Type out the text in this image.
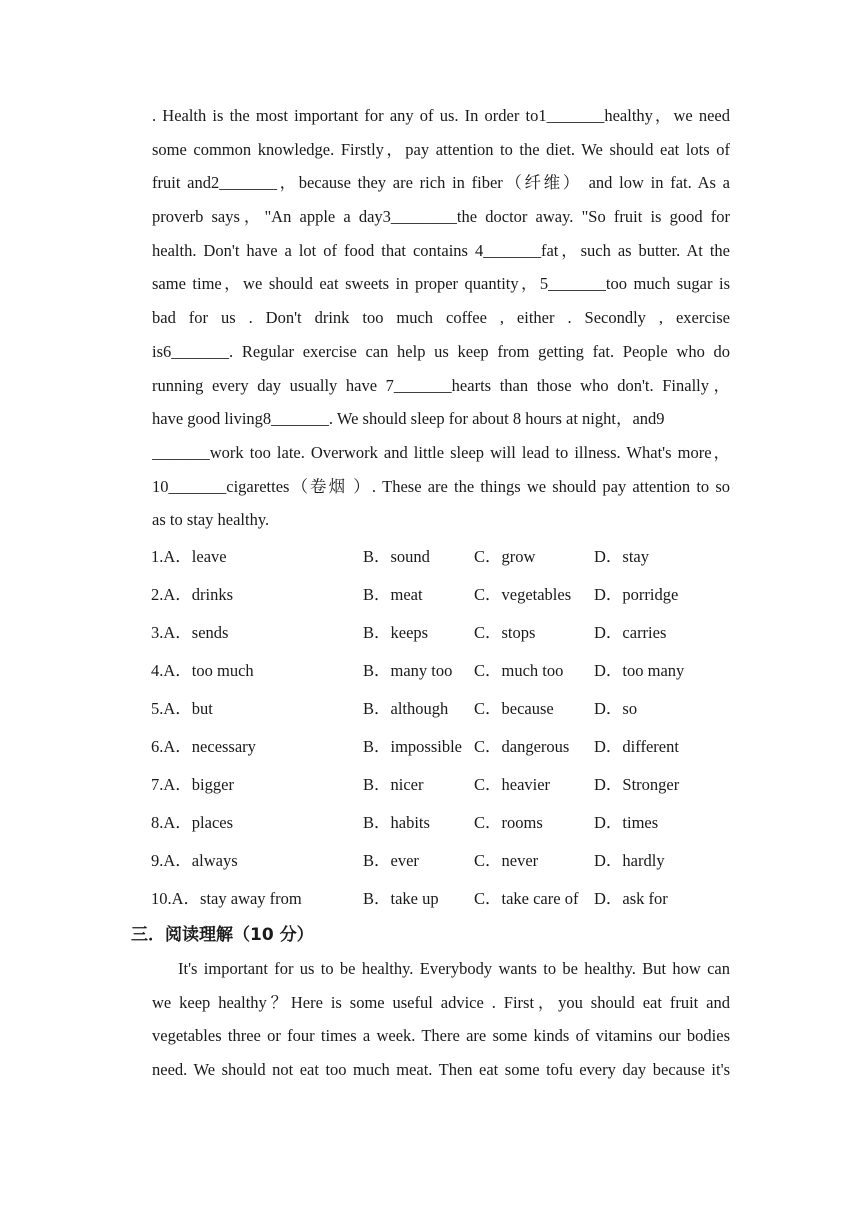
. Health is the most important for any of us. In order to1_______healthy，we need
some common knowledge. Firstly，pay attention to the diet. We should eat lots of
fruit and2_______，because they are rich in fiber（纤维） and low in fat. As a
proverb says，"An apple a day3________the doctor away. "So fruit is good for
health. Don't have a lot of food that contains 4_______fat，such as butter. At the
same time，we should eat sweets in proper quantity，5_______too much sugar is
bad for us . Don't drink too much coffee , either . Secondly , exercise
is6_______. Regular exercise can help us keep from getting fat. People who do
running every day usually have 7_______hearts than those who don't. Finally，
have good living8_______. We should sleep for about 8 hours at night，and9
_______work too late. Overwork and little sleep will lead to illness. What's more，
10_______cigarettes（卷烟 ）. These are the things we should pay attention to so
as to stay healthy.
1.A．leave	B．sound	C．grow	D．stay
2.A．drinks	B．meat	C．vegetables D．porridge
3.A．sends	B．keeps	C．stops	D．carries
4.A．too much	B．many too C．much too D．too many
5.A．but	B．although C．because D．so
6.A．necessary	B．impossible C．dangerous D．different
7.A．bigger	B．nicer	C．heavier	D．Stronger
8.A．places	B．habits	C．rooms	D．times
9.A．always	B．ever	C．never	D．hardly
10.A．stay away from	B．take up C．take care of D．ask for
三．阅读理解（10 分）
It's important for us to be healthy. Everybody wants to be healthy. But how can
we keep healthy？Here is some useful advice . First，you should eat fruit and
vegetables three or four times a week. There are some kinds of vitamins our bodies
need. We should not eat too much meat. Then eat some tofu every day because it's
